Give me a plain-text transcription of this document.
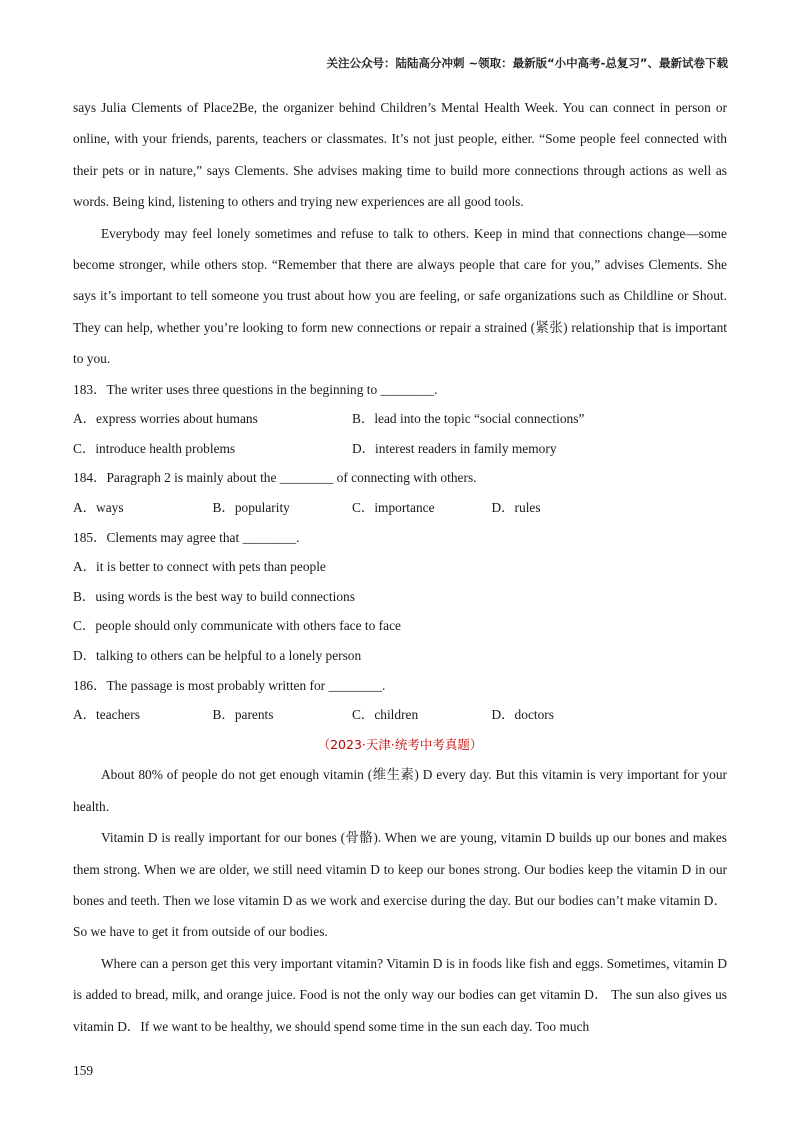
关注公众号：陆陆高分冲刺 ~领取：最新版“小中高考-总复习”、最新试卷下载

says Julia Clements of Place2Be, the organizer behind Children’s Mental Health Week. You can connect in person or online, with your friends, parents, teachers or classmates. It’s not just people, either. “Some people feel connected with their pets or in nature,” says Clements. She advises making time to build more connections through actions as well as words. Being kind, listening to others and trying new experiences are all good tools.

Everybody may feel lonely sometimes and refuse to talk to others. Keep in mind that connections change—some become stronger, while others stop. “Remember that there are always people that care for you,” advises Clements. She says it’s important to tell someone you trust about how you are feeling, or safe organizations such as Childline or Shout. They can help, whether you’re looking to form new connections or repair a strained (紧张) relationship that is important to you.

183．The writer uses three questions in the beginning to ________.

A．express worries about humans	B．lead into the topic “social connections”
C．introduce health problems	D．interest readers in family memory

184．Paragraph 2 is mainly about the ________ of connecting with others.

A．ways	B．popularity	C．importance	D．rules

185．Clements may agree that ________.

A．it is better to connect with pets than people

B．using words is the best way to build connections

C．people should only communicate with others face to face

D．talking to others can be helpful to a lonely person

186．The passage is most probably written for ________.

A．teachers	B．parents	C．children	D．doctors

（2023·天津·统考中考真题）

About 80% of people do not get enough vitamin (维生素) D every day. But this vitamin is very important for your health.

Vitamin D is really important for our bones (骨骼). When we are young, vitamin D builds up our bones and makes them strong. When we are older, we still need vitamin D to keep our bones strong. Our bodies keep the vitamin D in our bones and teeth. Then we lose vitamin D as we work and exercise during the day. But our bodies can’t make vitamin D．So we have to get it from outside of our bodies.

Where can a person get this very important vitamin? Vitamin D is in foods like fish and eggs. Sometimes, vitamin D is added to bread, milk, and orange juice. Food is not the only way our bodies can get vitamin D． The sun also gives us vitamin D．If we want to be healthy, we should spend some time in the sun each day. Too much

159
